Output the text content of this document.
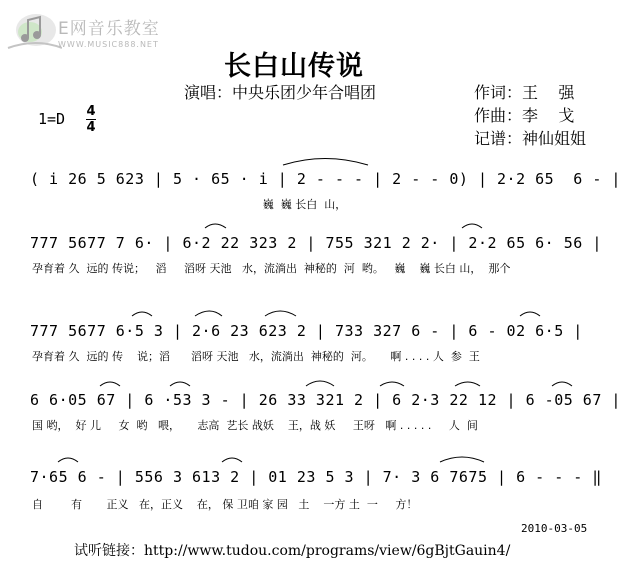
E网音乐教室
WWW.MUSIC888.NET
长白山传说
演唱：中央乐团少年合唱团	作词：王    强
作曲：李    戈
记谱：神仙姐姐
1=D 4
4
( i 26 5 623 | 5 · 65 · i | 2 - - - | 2 - - 0) | 2·2 65  6 - |
巍  巍 长白  山，
777 5677 7 6· | 6·2 22 323 2 | 755 321 2 2· | 2·2 65 6· 56 |
孕育着 久  远的 传说；   滔     滔呀 天池   水，流淌出  神秘的  河  哟。   巍    巍 长白 山，  那个
777 5677 6·5 3 | 2·6 23 623 2 | 733 327 6 - | 6 - 02 6·5 |
孕育着 久  远的 传    说；滔      滔呀 天池   水，流淌出  神秘的  河。     啊 . . . . 人  参  王
6 6·05 67 | 6 ·53 3 - | 26 33 321 2 | 6 2·3 22 12 | 6 -05 67 |
国 哟，  好 儿     女  哟   喂，     志高  艺长 战妖    王，战 妖     王呀   啊 . . . . .     人  间
7·65 6 - | 556 3 613 2 | 01 23 5 3 | 7· 3 6 7675 | 6 - - - ‖
自        有       正义   在，正义    在， 保 卫咱 家 园   土    一方 土  一     方！
2010-03-05
试听链接：http://www.tudou.com/programs/view/6gBjtGauin4/
